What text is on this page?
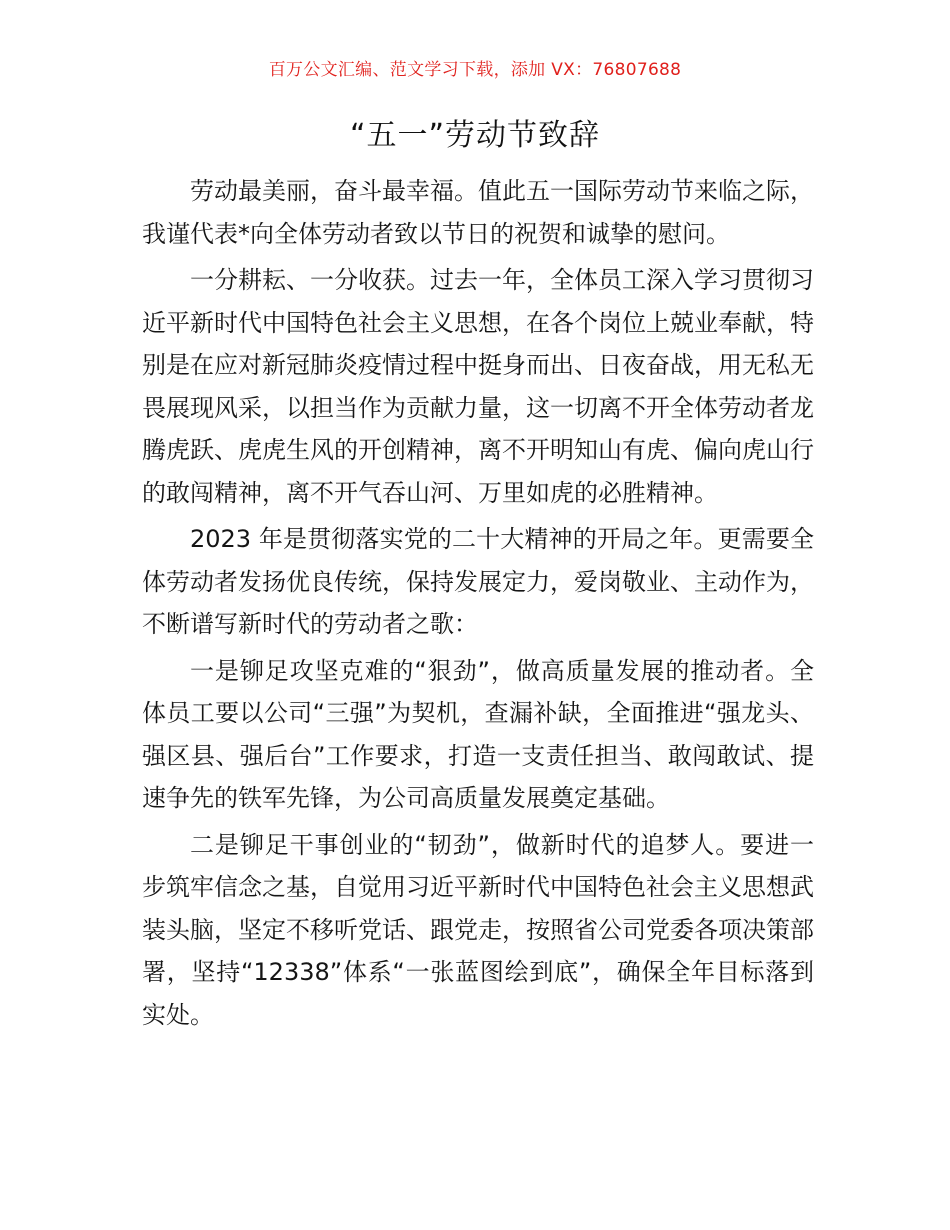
百万公文汇编、范文学习下载，添加 VX：76807688
“五一”劳动节致辞

劳动最美丽，奋斗最幸福。值此五一国际劳动节来临之际，我谨代表*向全体劳动者致以节日的祝贺和诚挚的慰问。

一分耕耘、一分收获。过去一年，全体员工深入学习贯彻习近平新时代中国特色社会主义思想，在各个岗位上兢业奉献，特别是在应对新冠肺炎疫情过程中挺身而出、日夜奋战，用无私无畏展现风采，以担当作为贡献力量，这一切离不开全体劳动者龙腾虎跃、虎虎生风的开创精神，离不开明知山有虎、偏向虎山行的敢闯精神，离不开气吞山河、万里如虎的必胜精神。

2023 年是贯彻落实党的二十大精神的开局之年。更需要全体劳动者发扬优良传统，保持发展定力，爱岗敬业、主动作为，不断谱写新时代的劳动者之歌：

一是铆足攻坚克难的“狠劲”，做高质量发展的推动者。全体员工要以公司“三强”为契机，查漏补缺，全面推进“强龙头、强区县、强后台”工作要求，打造一支责任担当、敢闯敢试、提速争先的铁军先锋，为公司高质量发展奠定基础。

二是铆足干事创业的“韧劲”，做新时代的追梦人。要进一步筑牢信念之基，自觉用习近平新时代中国特色社会主义思想武装头脑，坚定不移听党话、跟党走，按照省公司党委各项决策部署，坚持“12338”体系“一张蓝图绘到底”，确保全年目标落到实处。
